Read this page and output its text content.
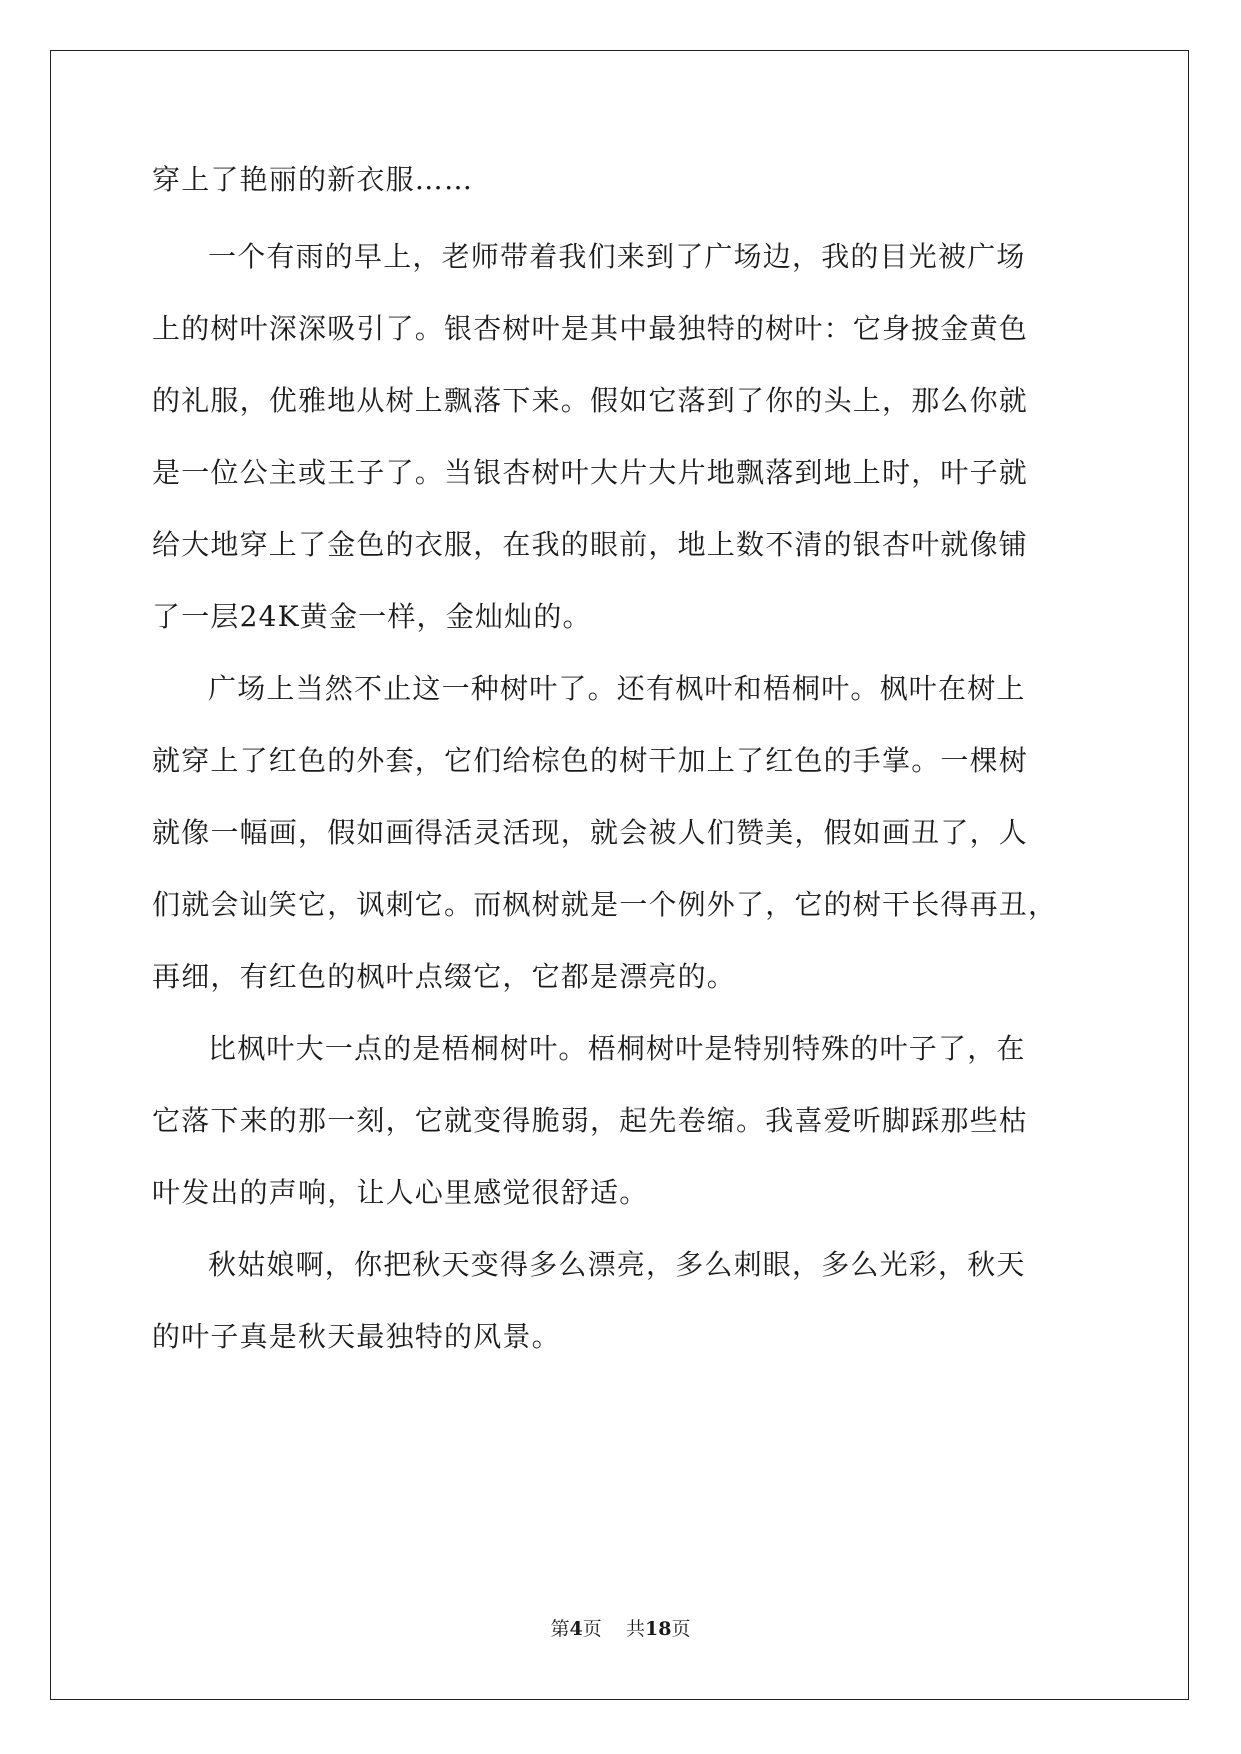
穿上了艳丽的新衣服……
一个有雨的早上，老师带着我们来到了广场边，我的目光被广场
上的树叶深深吸引了。银杏树叶是其中最独特的树叶：它身披金黄色
的礼服，优雅地从树上飘落下来。假如它落到了你的头上，那么你就
是一位公主或王子了。当银杏树叶大片大片地飘落到地上时，叶子就
给大地穿上了金色的衣服，在我的眼前，地上数不清的银杏叶就像铺
了一层24K黄金一样，金灿灿的。
广场上当然不止这一种树叶了。还有枫叶和梧桐叶。枫叶在树上
就穿上了红色的外套，它们给棕色的树干加上了红色的手掌。一棵树
就像一幅画，假如画得活灵活现，就会被人们赞美，假如画丑了，人
们就会讪笑它，讽刺它。而枫树就是一个例外了，它的树干长得再丑，
再细，有红色的枫叶点缀它，它都是漂亮的。
比枫叶大一点的是梧桐树叶。梧桐树叶是特别特殊的叶子了，在
它落下来的那一刻，它就变得脆弱，起先卷缩。我喜爱听脚踩那些枯
叶发出的声响，让人心里感觉很舒适。
秋姑娘啊，你把秋天变得多么漂亮，多么刺眼，多么光彩，秋天
的叶子真是秋天最独特的风景。
第4页 共18页
